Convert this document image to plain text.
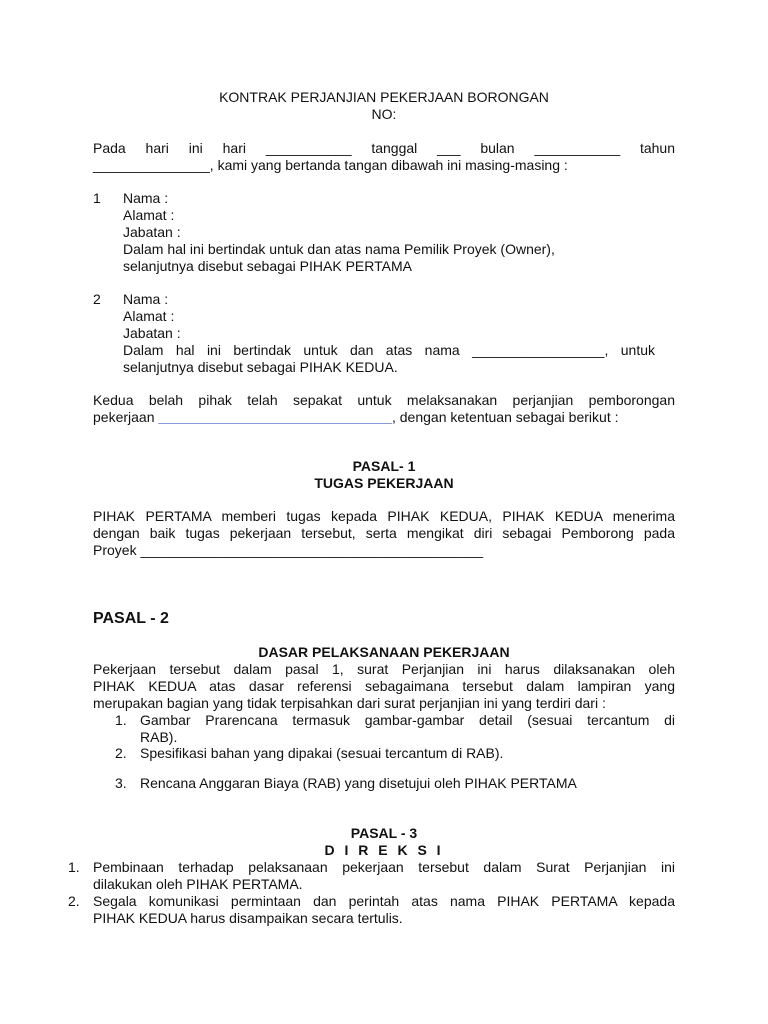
KONTRAK PERJANJIAN PEKERJAAN BORONGAN
NO:
Pada hari ini hari ___________ tanggal ___ bulan ___________ tahun
_______________, kami yang bertanda tangan dibawah ini masing-masing :
1 Nama :
Alamat :
Jabatan :
Dalam hal ini bertindak untuk dan atas nama Pemilik Proyek (Owner),
selanjutnya disebut sebagai PIHAK PERTAMA
2 Nama :
Alamat :
Jabatan :
Dalam hal ini bertindak untuk dan atas nama _________________, untuk
selanjutnya disebut sebagai PIHAK KEDUA.
Kedua belah pihak telah sepakat untuk melaksanakan perjanjian pemborongan
pekerjaan ______________________________, dengan ketentuan sebagai berikut :
PASAL- 1
TUGAS PEKERJAAN
PIHAK PERTAMA memberi tugas kepada PIHAK KEDUA, PIHAK KEDUA menerima
dengan baik tugas pekerjaan tersebut, serta mengikat diri sebagai Pemborong pada
Proyek ____________________________________________
PASAL - 2
DASAR PELAKSANAAN PEKERJAAN
Pekerjaan tersebut dalam pasal 1, surat Perjanjian ini harus dilaksanakan oleh
PIHAK KEDUA atas dasar referensi sebagaimana tersebut dalam lampiran yang
merupakan bagian yang tidak terpisahkan dari surat perjanjian ini yang terdiri dari :
1. Gambar Prarencana termasuk gambar-gambar detail (sesuai tercantum di
RAB).
2. Spesifikasi bahan yang dipakai (sesuai tercantum di RAB).
3. Rencana Anggaran Biaya (RAB) yang disetujui oleh PIHAK PERTAMA
PASAL - 3
D I R E K S I
1. Pembinaan terhadap pelaksanaan pekerjaan tersebut dalam Surat Perjanjian ini
dilakukan oleh PIHAK PERTAMA.
2. Segala komunikasi permintaan dan perintah atas nama PIHAK PERTAMA kepada
PIHAK KEDUA harus disampaikan secara tertulis.
